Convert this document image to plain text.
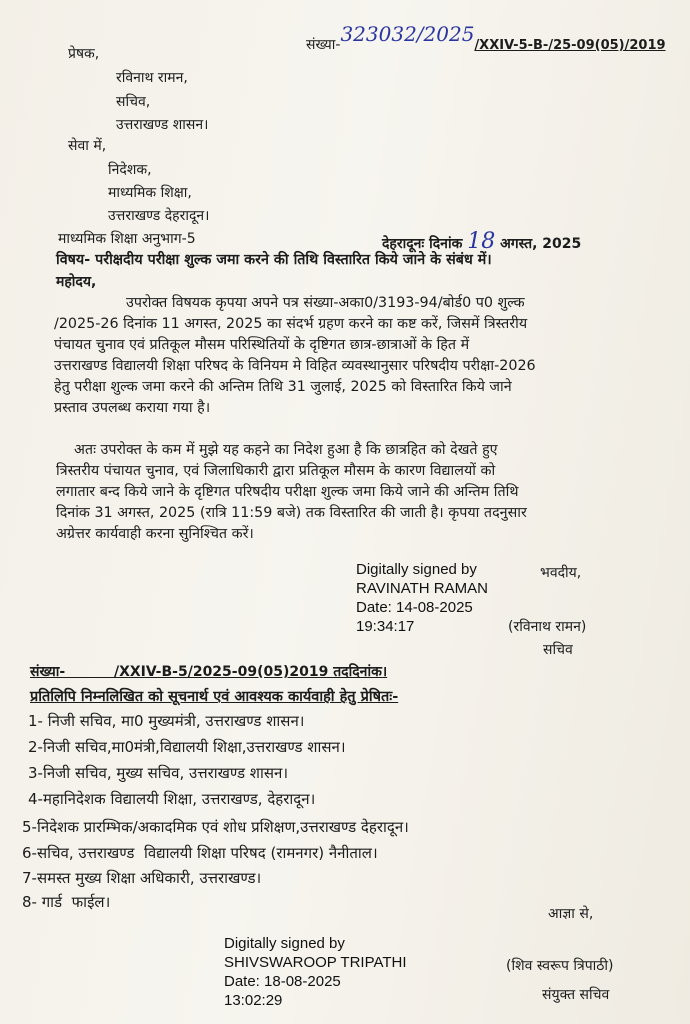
संख्या-323032/2025/XXIV-5-B-/25-09(05)/2019
प्रेषक,
रविनाथ रामन,
सचिव,
उत्तराखण्ड शासन।
सेवा में,
निदेशक,
माध्यमिक शिक्षा,
उत्तराखण्ड देहरादून।
माध्यमिक शिक्षा अनुभाग-5	देहरादूनः दिनांक 18 अगस्त, 2025
विषय- परीक्षदीय परीक्षा शुल्क जमा करने की तिथि विस्तारित किये जाने के संबंध में।
महोदय,
उपरोक्त विषयक कृपया अपने पत्र संख्या-अका0/3193-94/बोर्ड0 प0 शुल्क
/2025-26 दिनांक 11 अगस्त, 2025 का संदर्भ ग्रहण करने का कष्ट करें, जिसमें त्रिस्तरीय
पंचायत चुनाव एवं प्रतिकूल मौसम परिस्थितियों के दृष्टिगत छात्र-छात्राओं के हित में
उत्तराखण्ड विद्यालयी शिक्षा परिषद के विनियम मे विहित व्यवस्थानुसार परिषदीय परीक्षा-2026
हेतु परीक्षा शुल्क जमा करने की अन्तिम तिथि 31 जुलाई, 2025 को विस्तारित किये जाने
प्रस्ताव उपलब्ध कराया गया है।
अतः उपरोक्त के कम में मुझे यह कहने का निदेश हुआ है कि छात्रहित को देखते हुए
त्रिस्तरीय पंचायत चुनाव, एवं जिलाधिकारी द्वारा प्रतिकूल मौसम के कारण विद्यालयों को
लगातार बन्द किये जाने के दृष्टिगत परिषदीय परीक्षा शुल्क जमा किये जाने की अन्तिम तिथि
दिनांक 31 अगस्त, 2025 (रात्रि 11:59 बजे) तक विस्तारित की जाती है। कृपया तदनुसार
अग्रेत्तर कार्यवाही करना सुनिश्चित करें।
Digitally signed by
RAVINATH RAMAN
Date: 14-08-2025
19:34:17
भवदीय,
(रविनाथ रामन)
सचिव
संख्या-          /XXIV-B-5/2025-09(05)2019 तददिनांक।
प्रतिलिपि निम्नलिखित को सूचनार्थ एवं आवश्यक कार्यवाही हेतु प्रेषितः-
1- निजी सचिव, मा0 मुख्यमंत्री, उत्तराखण्ड शासन।
2-निजी सचिव,मा0मंत्री,विद्यालयी शिक्षा,उत्तराखण्ड शासन।
3-निजी सचिव, मुख्य सचिव, उत्तराखण्ड शासन।
4-महानिदेशक विद्यालयी शिक्षा, उत्तराखण्ड, देहरादून।
5-निदेशक प्रारम्भिक/अकादमिक एवं शोध प्रशिक्षण,उत्तराखण्ड देहरादून।
6-सचिव, उत्तराखण्ड  विद्यालयी शिक्षा परिषद (रामनगर) नैनीताल।
7-समस्त मुख्य शिक्षा अधिकारी, उत्तराखण्ड।
8- गार्ड  फाईल।
आज्ञा से,
Digitally signed by
SHIVSWAROOP TRIPATHI
Date: 18-08-2025
13:02:29
(शिव स्वरूप त्रिपाठी)
संयुक्त सचिव
